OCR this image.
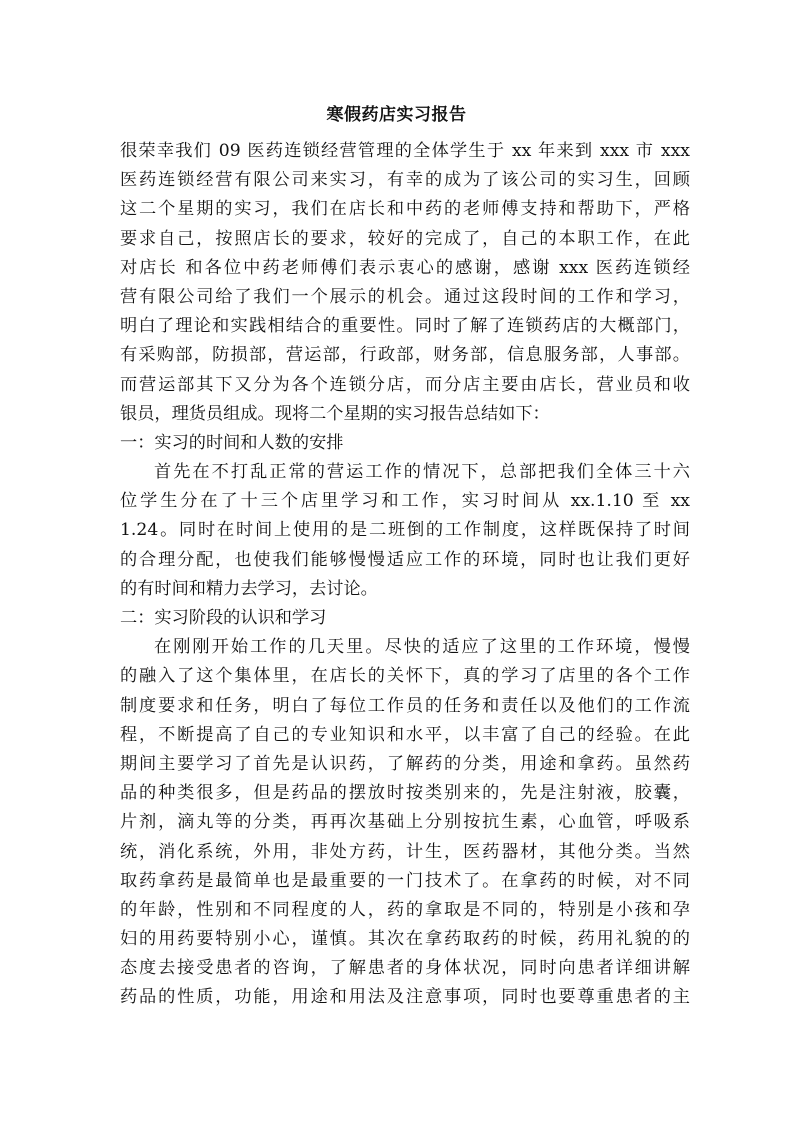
寒假药店实习报告
很荣幸我们 09 医药连锁经营管理的全体学生于 xx 年来到 xxx 市 xxx
医药连锁经营有限公司来实习，有幸的成为了该公司的实习生，回顾
这二个星期的实习，我们在店长和中药的老师傅支持和帮助下，严格
要求自己，按照店长的要求，较好的完成了，自己的本职工作，在此
对店长 和各位中药老师傅们表示衷心的感谢，感谢 xxx 医药连锁经
营有限公司给了我们一个展示的机会。通过这段时间的工作和学习，
明白了理论和实践相结合的重要性。同时了解了连锁药店的大概部门，
有采购部，防损部，营运部，行政部，财务部，信息服务部，人事部。
而营运部其下又分为各个连锁分店，而分店主要由店长，营业员和收
银员，理货员组成。现将二个星期的实习报告总结如下：
一：实习的时间和人数的安排
首先在不打乱正常的营运工作的情况下，总部把我们全体三十六
位学生分在了十三个店里学习和工作，实习时间从 xx.1.10 至 xx
1.24。同时在时间上使用的是二班倒的工作制度，这样既保持了时间
的合理分配，也使我们能够慢慢适应工作的环境，同时也让我们更好
的有时间和精力去学习，去讨论。
二：实习阶段的认识和学习
在刚刚开始工作的几天里。尽快的适应了这里的工作环境，慢慢
的融入了这个集体里，在店长的关怀下，真的学习了店里的各个工作
制度要求和任务，明白了每位工作员的任务和责任以及他们的工作流
程，不断提高了自己的专业知识和水平，以丰富了自己的经验。在此
期间主要学习了首先是认识药，了解药的分类，用途和拿药。虽然药
品的种类很多，但是药品的摆放时按类别来的，先是注射液，胶囊，
片剂，滴丸等的分类，再再次基础上分别按抗生素，心血管，呼吸系
统，消化系统，外用，非处方药，计生，医药器材，其他分类。当然
取药拿药是最简单也是最重要的一门技术了。在拿药的时候，对不同
的年龄，性别和不同程度的人，药的拿取是不同的，特别是小孩和孕
妇的用药要特别小心，谨慎。其次在拿药取药的时候，药用礼貌的的
态度去接受患者的咨询，了解患者的身体状况，同时向患者详细讲解
药品的性质，功能，用途和用法及注意事项，同时也要尊重患者的主
